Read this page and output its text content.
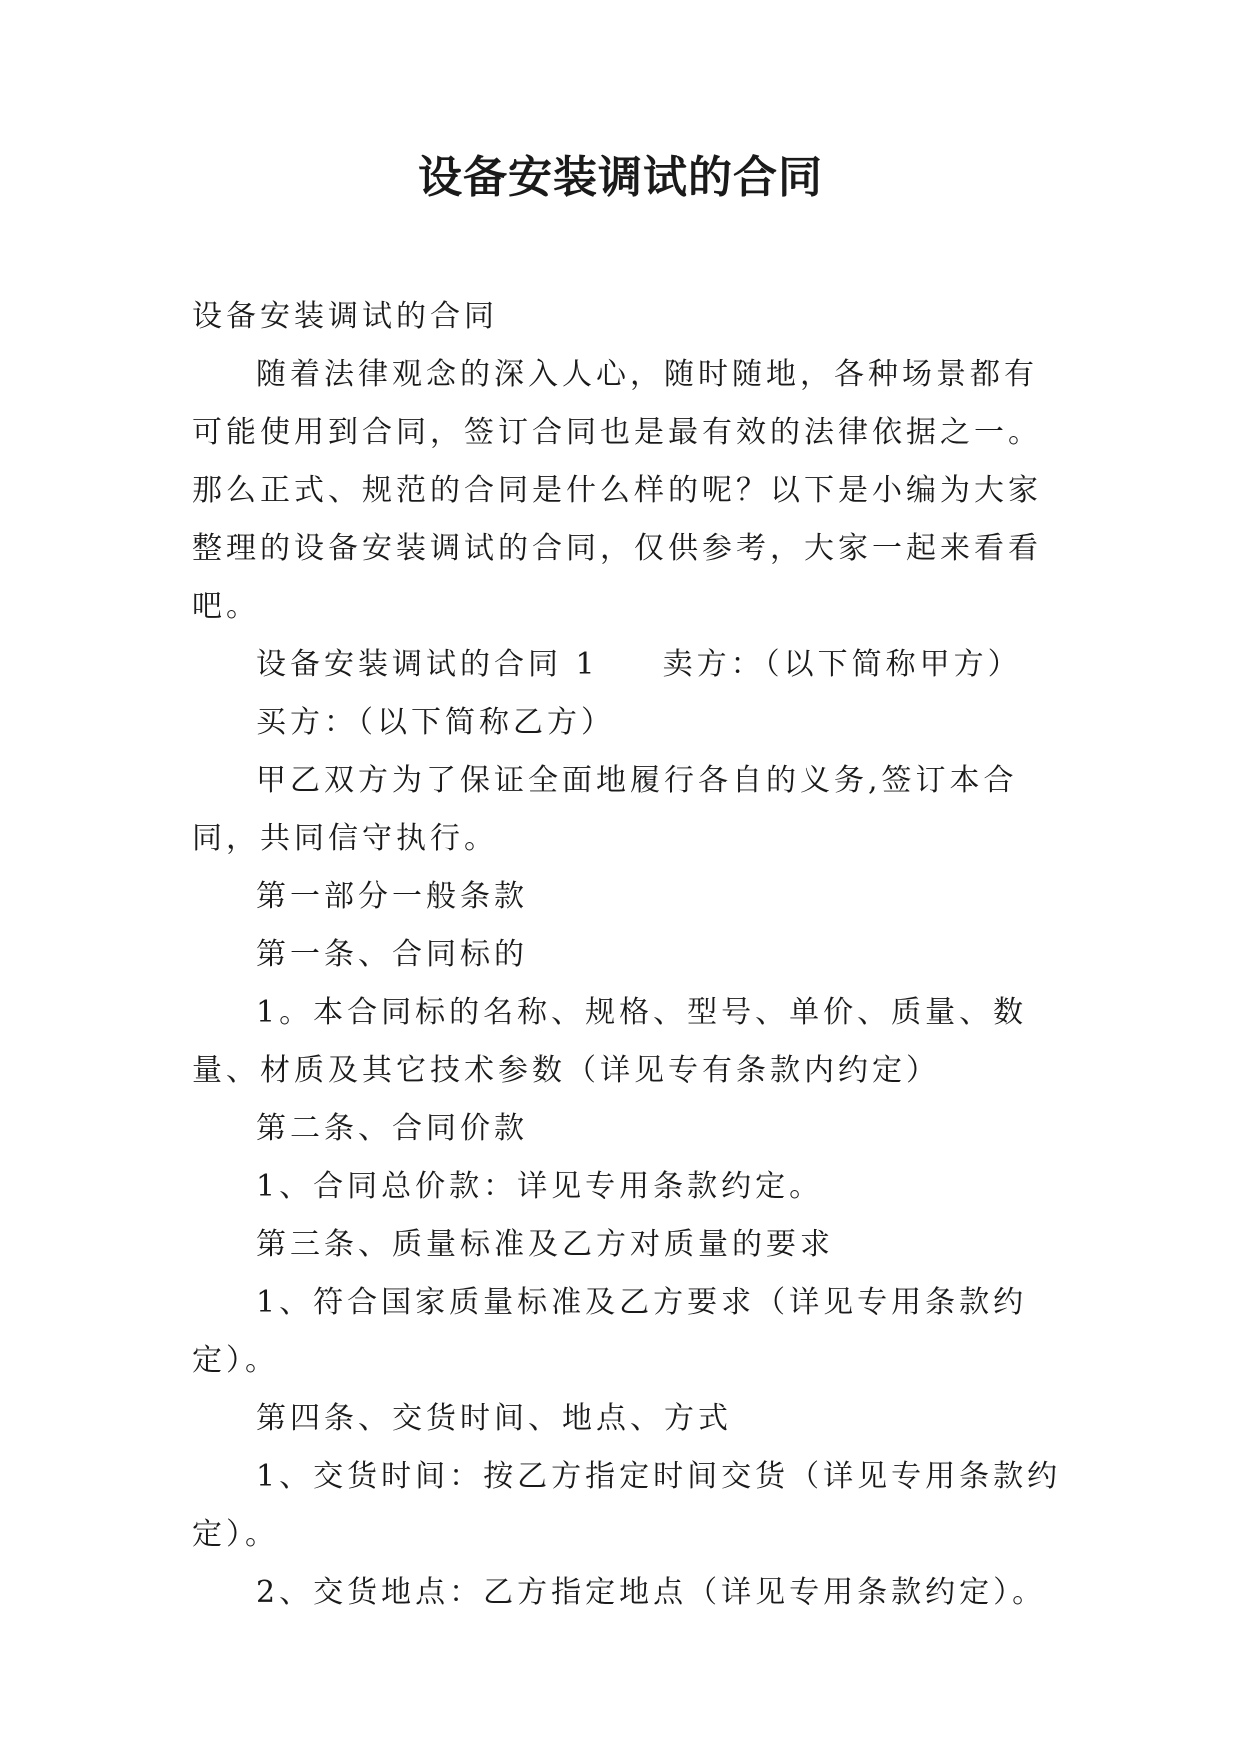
设备安装调试的合同

设备安装调试的合同

随着法律观念的深入人心，随时随地，各种场景都有可能使用到合同，签订合同也是最有效的法律依据之一。那么正式、规范的合同是什么样的呢？以下是小编为大家整理的设备安装调试的合同，仅供参考，大家一起来看看吧。

设备安装调试的合同 1 卖方：（以下简称甲方）

买方：（以下简称乙方）

甲乙双方为了保证全面地履行各自的义务,签订本合同，共同信守执行。

第一部分一般条款

第一条、合同标的

1。本合同标的名称、规格、型号、单价、质量、数量、材质及其它技术参数（详见专有条款内约定）

第二条、合同价款

1、合同总价款：详见专用条款约定。

第三条、质量标准及乙方对质量的要求

1、符合国家质量标准及乙方要求（详见专用条款约定）。

第四条、交货时间、地点、方式

1、交货时间：按乙方指定时间交货（详见专用条款约定）。

2、交货地点：乙方指定地点（详见专用条款约定）。
